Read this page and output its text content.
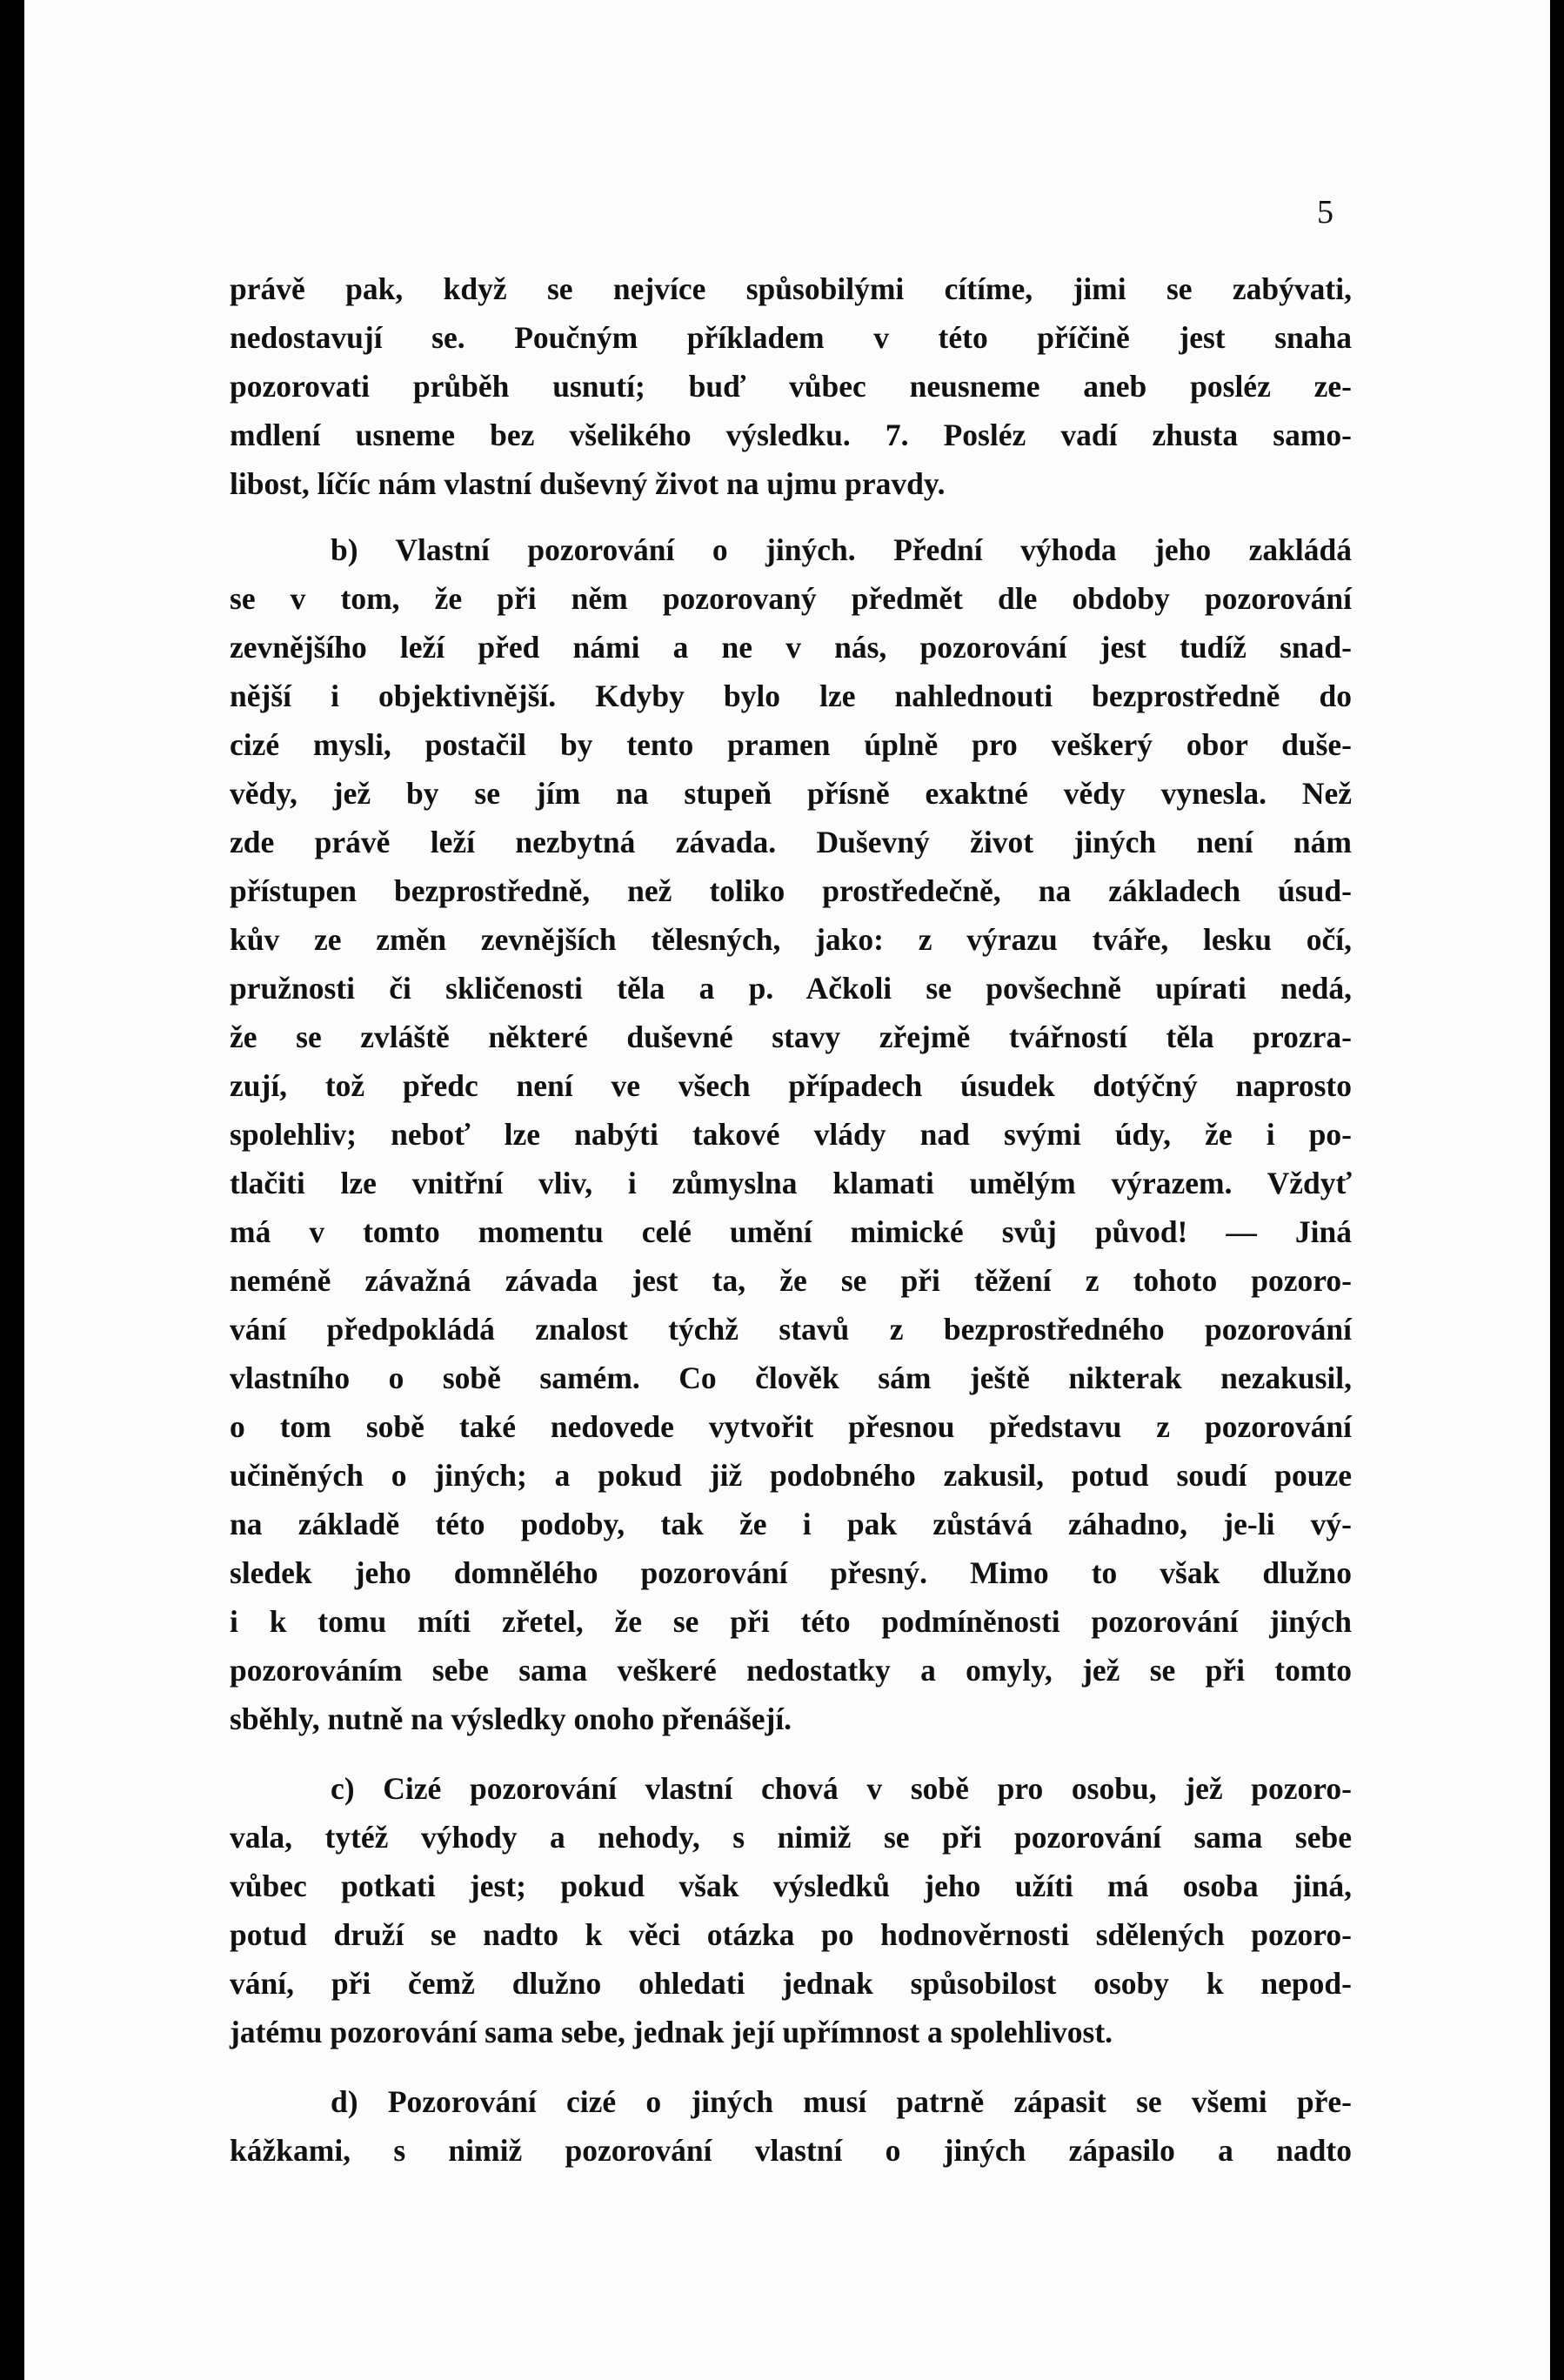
5
právě pak, když se nejvíce spůsobilými cítíme, jimi se zabývati,
nedostavují se. Poučným příkladem v této příčině jest snaha
pozorovati průběh usnutí; buď vůbec neusneme aneb posléz ze-
mdlení usneme bez všelikého výsledku. 7. Posléz vadí zhusta samo-
libost, líčíc nám vlastní duševný život na ujmu pravdy.
b) Vlastní pozorování o jiných. Přední výhoda jeho zakládá
se v tom, že při něm pozorovaný předmět dle obdoby pozorování
zevnějšího leží před námi a ne v nás, pozorování jest tudíž snad-
nější i objektivnější. Kdyby bylo lze nahlednouti bezprostředně do
cizé mysli, postačil by tento pramen úplně pro veškerý obor duše-
vědy, jež by se jím na stupeň přísně exaktné vědy vynesla. Než
zde právě leží nezbytná závada. Duševný život jiných není nám
přístupen bezprostředně, než toliko prostředečně, na základech úsud-
kův ze změn zevnějších tělesných, jako: z výrazu tváře, lesku očí,
pružnosti či skličenosti těla a p. Ačkoli se povšechně upírati nedá,
že se zvláště některé duševné stavy zřejmě tvářností těla prozra-
zují, tož předc není ve všech případech úsudek dotýčný naprosto
spolehliv; neboť lze nabýti takové vlády nad svými údy, že i po-
tlačiti lze vnitřní vliv, i zůmyslna klamati umělým výrazem. Vždyť
má v tomto momentu celé umění mimické svůj původ! — Jiná
neméně závažná závada jest ta, že se při těžení z tohoto pozoro-
vání předpokládá znalost týchž stavů z bezprostředného pozorování
vlastního o sobě samém. Co člověk sám ještě nikterak nezakusil,
o tom sobě také nedovede vytvořit přesnou představu z pozorování
učiněných o jiných; a pokud již podobného zakusil, potud soudí pouze
na základě této podoby, tak že i pak zůstává záhadno, je-li vý-
sledek jeho domnělého pozorování přesný. Mimo to však dlužno
i k tomu míti zřetel, že se při této podmíněnosti pozorování jiných
pozorováním sebe sama veškeré nedostatky a omyly, jež se při tomto
sběhly, nutně na výsledky onoho přenášejí.
c) Cizé pozorování vlastní chová v sobě pro osobu, jež pozoro-
vala, tytéž výhody a nehody, s nimiž se při pozorování sama sebe
vůbec potkati jest; pokud však výsledků jeho užíti má osoba jiná,
potud druží se nadto k věci otázka po hodnověrnosti sdělených pozoro-
vání, při čemž dlužno ohledati jednak spůsobilost osoby k nepod-
jatému pozorování sama sebe, jednak její upřímnost a spolehlivost.
d) Pozorování cizé o jiných musí patrně zápasit se všemi pře-
kážkami, s nimiž pozorování vlastní o jiných zápasilo a nadto
